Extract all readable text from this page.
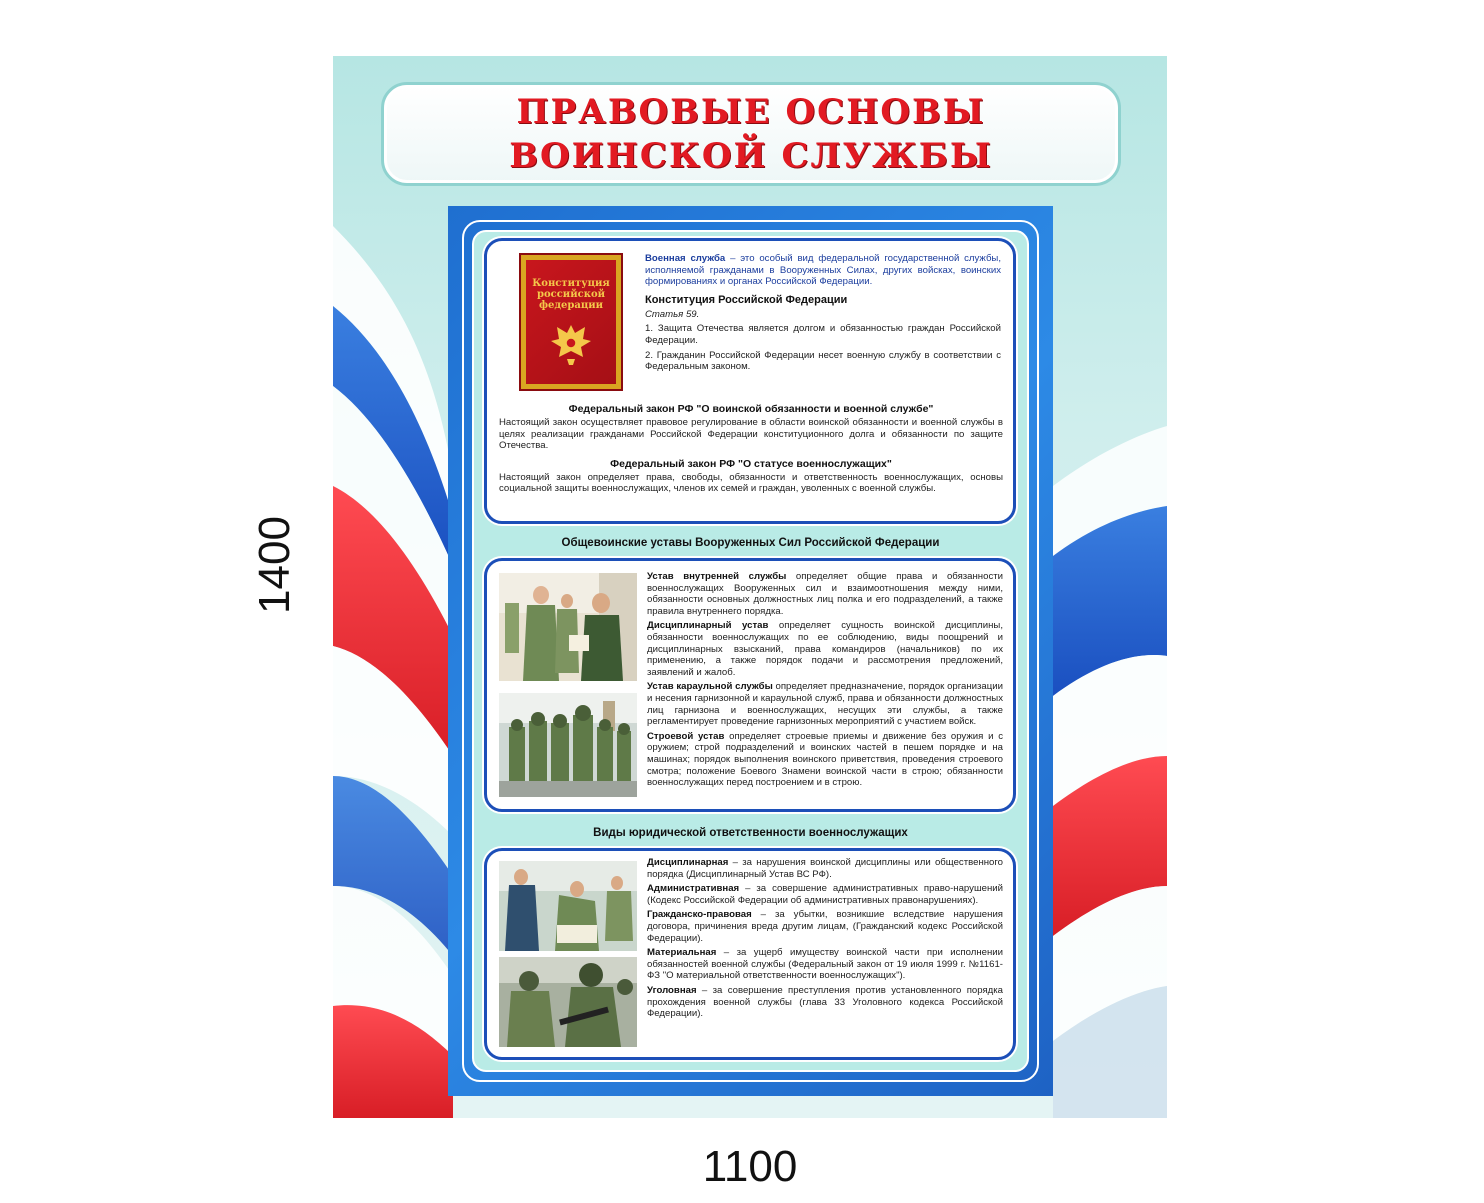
1400
1100
ПРАВОВЫЕ ОСНОВЫ
ВОИНСКОЙ СЛУЖБЫ
Конституция
российской
федерации

Военная служба – это особый вид федеральной государственной службы, исполняемой гражданами в Вооруженных Силах, других войсках, воинских формированиях и органах Российской Федерации.

Конституция Российской Федерации

Статья 59.

1. Защита Отечества является долгом и обязанностью граждан Российской Федерации.

2. Гражданин Российской Федерации несет военную службу в соответствии с Федеральным законом.

Федеральный закон РФ "О воинской обязанности и военной службе"

Настоящий закон осуществляет правовое регулирование в области воинской обязанности и военной службы в целях реализации гражданами Российской Федерации конституционного долга и обязанности по защите Отечества.

Федеральный закон РФ "О статусе военнослужащих"

Настоящий закон определяет права, свободы, обязанности и ответственность военнослужащих, основы социальной защиты военнослужащих, членов их семей и граждан, уволенных с военной службы.

Общевоинские уставы Вооруженных Сил Российской Федерации

Устав внутренней службы определяет общие права и обязанности военнослужащих Вооруженных сил и взаимоотношения между ними, обязанности основных должностных лиц полка и его подразделений, а также правила внутреннего порядка.

Дисциплинарный устав определяет сущность воинской дисциплины, обязанности военнослужащих по ее соблюдению, виды поощрений и дисциплинарных взысканий, права командиров (начальников) по их применению, а также порядок подачи и рассмотрения предложений, заявлений и жалоб.

Устав караульной службы определяет предназначение, порядок организации и несения гарнизонной и караульной служб, права и обязанности должностных лиц гарнизона и военнослужащих, несущих эти службы, а также регламентирует проведение гарнизонных мероприятий с участием войск.

Строевой устав определяет строевые приемы и движение без оружия и с оружием; строй подразделений и воинских частей в пешем порядке и на машинах; порядок выполнения воинского приветствия, проведения строевого смотра; положение Боевого Знамени воинской части в строю; обязанности военнослужащих перед построением и в строю.

Виды юридической ответственности военнослужащих

Дисциплинарная – за нарушения воинской дисциплины или общественного порядка (Дисциплинарный Устав ВС РФ).

Административная – за совершение административных право-нарушений (Кодекс Российской Федерации об административных правонарушениях).

Гражданско-правовая – за убытки, возникшие вследствие нарушения договора, причинения вреда другим лицам, (Гражданский кодекс Российской Федерации).

Материальная – за ущерб имуществу воинской части при исполнении обязанностей военной службы (Федеральный закон от 19 июля 1999 г. №1161-ФЗ "О материальной ответственности военнослужащих").

Уголовная – за совершение преступления против установленного порядка прохождения военной службы (глава 33 Уголовного кодекса Российской Федерации).
